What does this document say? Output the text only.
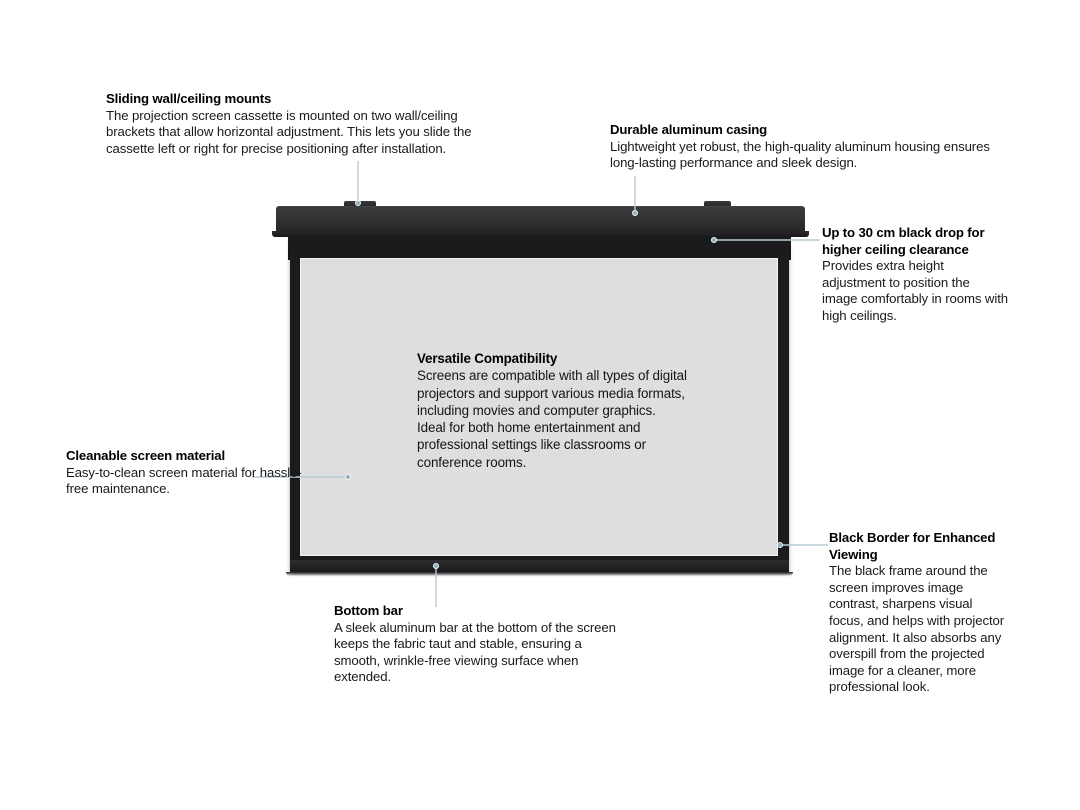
Versatile Compatibility
Screens are compatible with all types of digital projectors and support various media formats, including movies and computer graphics. Ideal for both home entertainment and professional settings like classrooms or conference rooms.
Sliding wall/ceiling mounts
The projection screen cassette is mounted on two wall/ceiling brackets that allow horizontal adjustment. This lets you slide the cassette left or right for precise positioning after installation.
Durable aluminum casing
Lightweight yet robust, the high-quality aluminum housing ensures long-lasting performance and sleek design.
Up to 30 cm black drop for higher ceiling clearance
Provides extra height adjustment to position the image comfortably in rooms with high ceilings.
Cleanable screen material
Easy-to-clean screen material for hassle-free maintenance.
Bottom bar
A sleek aluminum bar at the bottom of the screen keeps the fabric taut and stable, ensuring a smooth, wrinkle-free viewing surface when extended.
Black Border for Enhanced Viewing
The black frame around the screen improves image contrast, sharpens visual focus, and helps with projector alignment. It also absorbs any overspill from the projected image for a cleaner, more professional look.
